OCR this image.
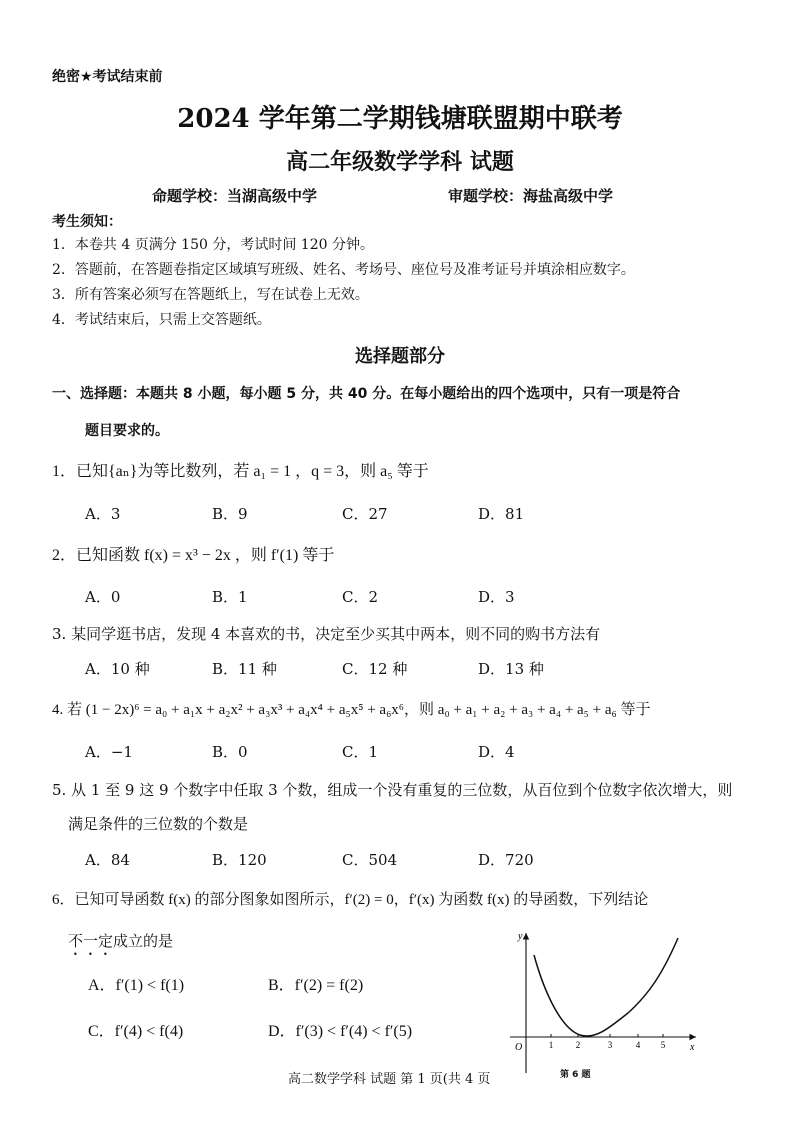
绝密★考试结束前
2024 学年第二学期钱塘联盟期中联考
高二年级数学学科 试题
命题学校：当湖高级中学	审题学校：海盐高级中学
考生须知：
1．本卷共 4 页满分 150 分，考试时间 120 分钟。
2．答题前，在答题卷指定区域填写班级、姓名、考场号、座位号及准考证号并填涂相应数字。
3．所有答案必须写在答题纸上，写在试卷上无效。
4．考试结束后，只需上交答题纸。
选择题部分
一、选择题：本题共 8 小题，每小题 5 分，共 40 分。在每小题给出的四个选项中，只有一项是符合
题目要求的。
1．已知{aₙ}为等比数列，若 a₁ = 1 ，q = 3，则 a₅ 等于
A．3	B．9	C．27	D．81
2．已知函数 f(x) = x³ − 2x ，则 f′(1) 等于
A．0	B．1	C．2	D．3
3. 某同学逛书店，发现 4 本喜欢的书，决定至少买其中两本，则不同的购书方法有
A．10 种	B．11 种	C．12 种	D．13 种
4. 若 (1 − 2x)⁶ = a₀ + a₁x + a₂x² + a₃x³ + a₄x⁴ + a₅x⁵ + a₆x⁶，则 a₀ + a₁ + a₂ + a₃ + a₄ + a₅ + a₆ 等于
A．−1	B．0	C．1	D．4
5. 从 1 至 9 这 9 个数字中任取 3 个数，组成一个没有重复的三位数，从百位到个位数字依次增大，则
满足条件的三位数的个数是
A．84	B．120	C．504	D．720
6．已知可导函数 f(x) 的部分图象如图所示，f′(2) = 0，f′(x) 为函数 f(x) 的导函数，下列结论
不一定成立的是
A．f′(1) < f(1)	B．f′(2) = f(2)
C．f′(4) < f(4)	D．f′(3) < f′(4) < f′(5)
x
y
O	1	2	3	4 5
第 6 题
高二数学学科 试题 第 1 页(共 4 页
